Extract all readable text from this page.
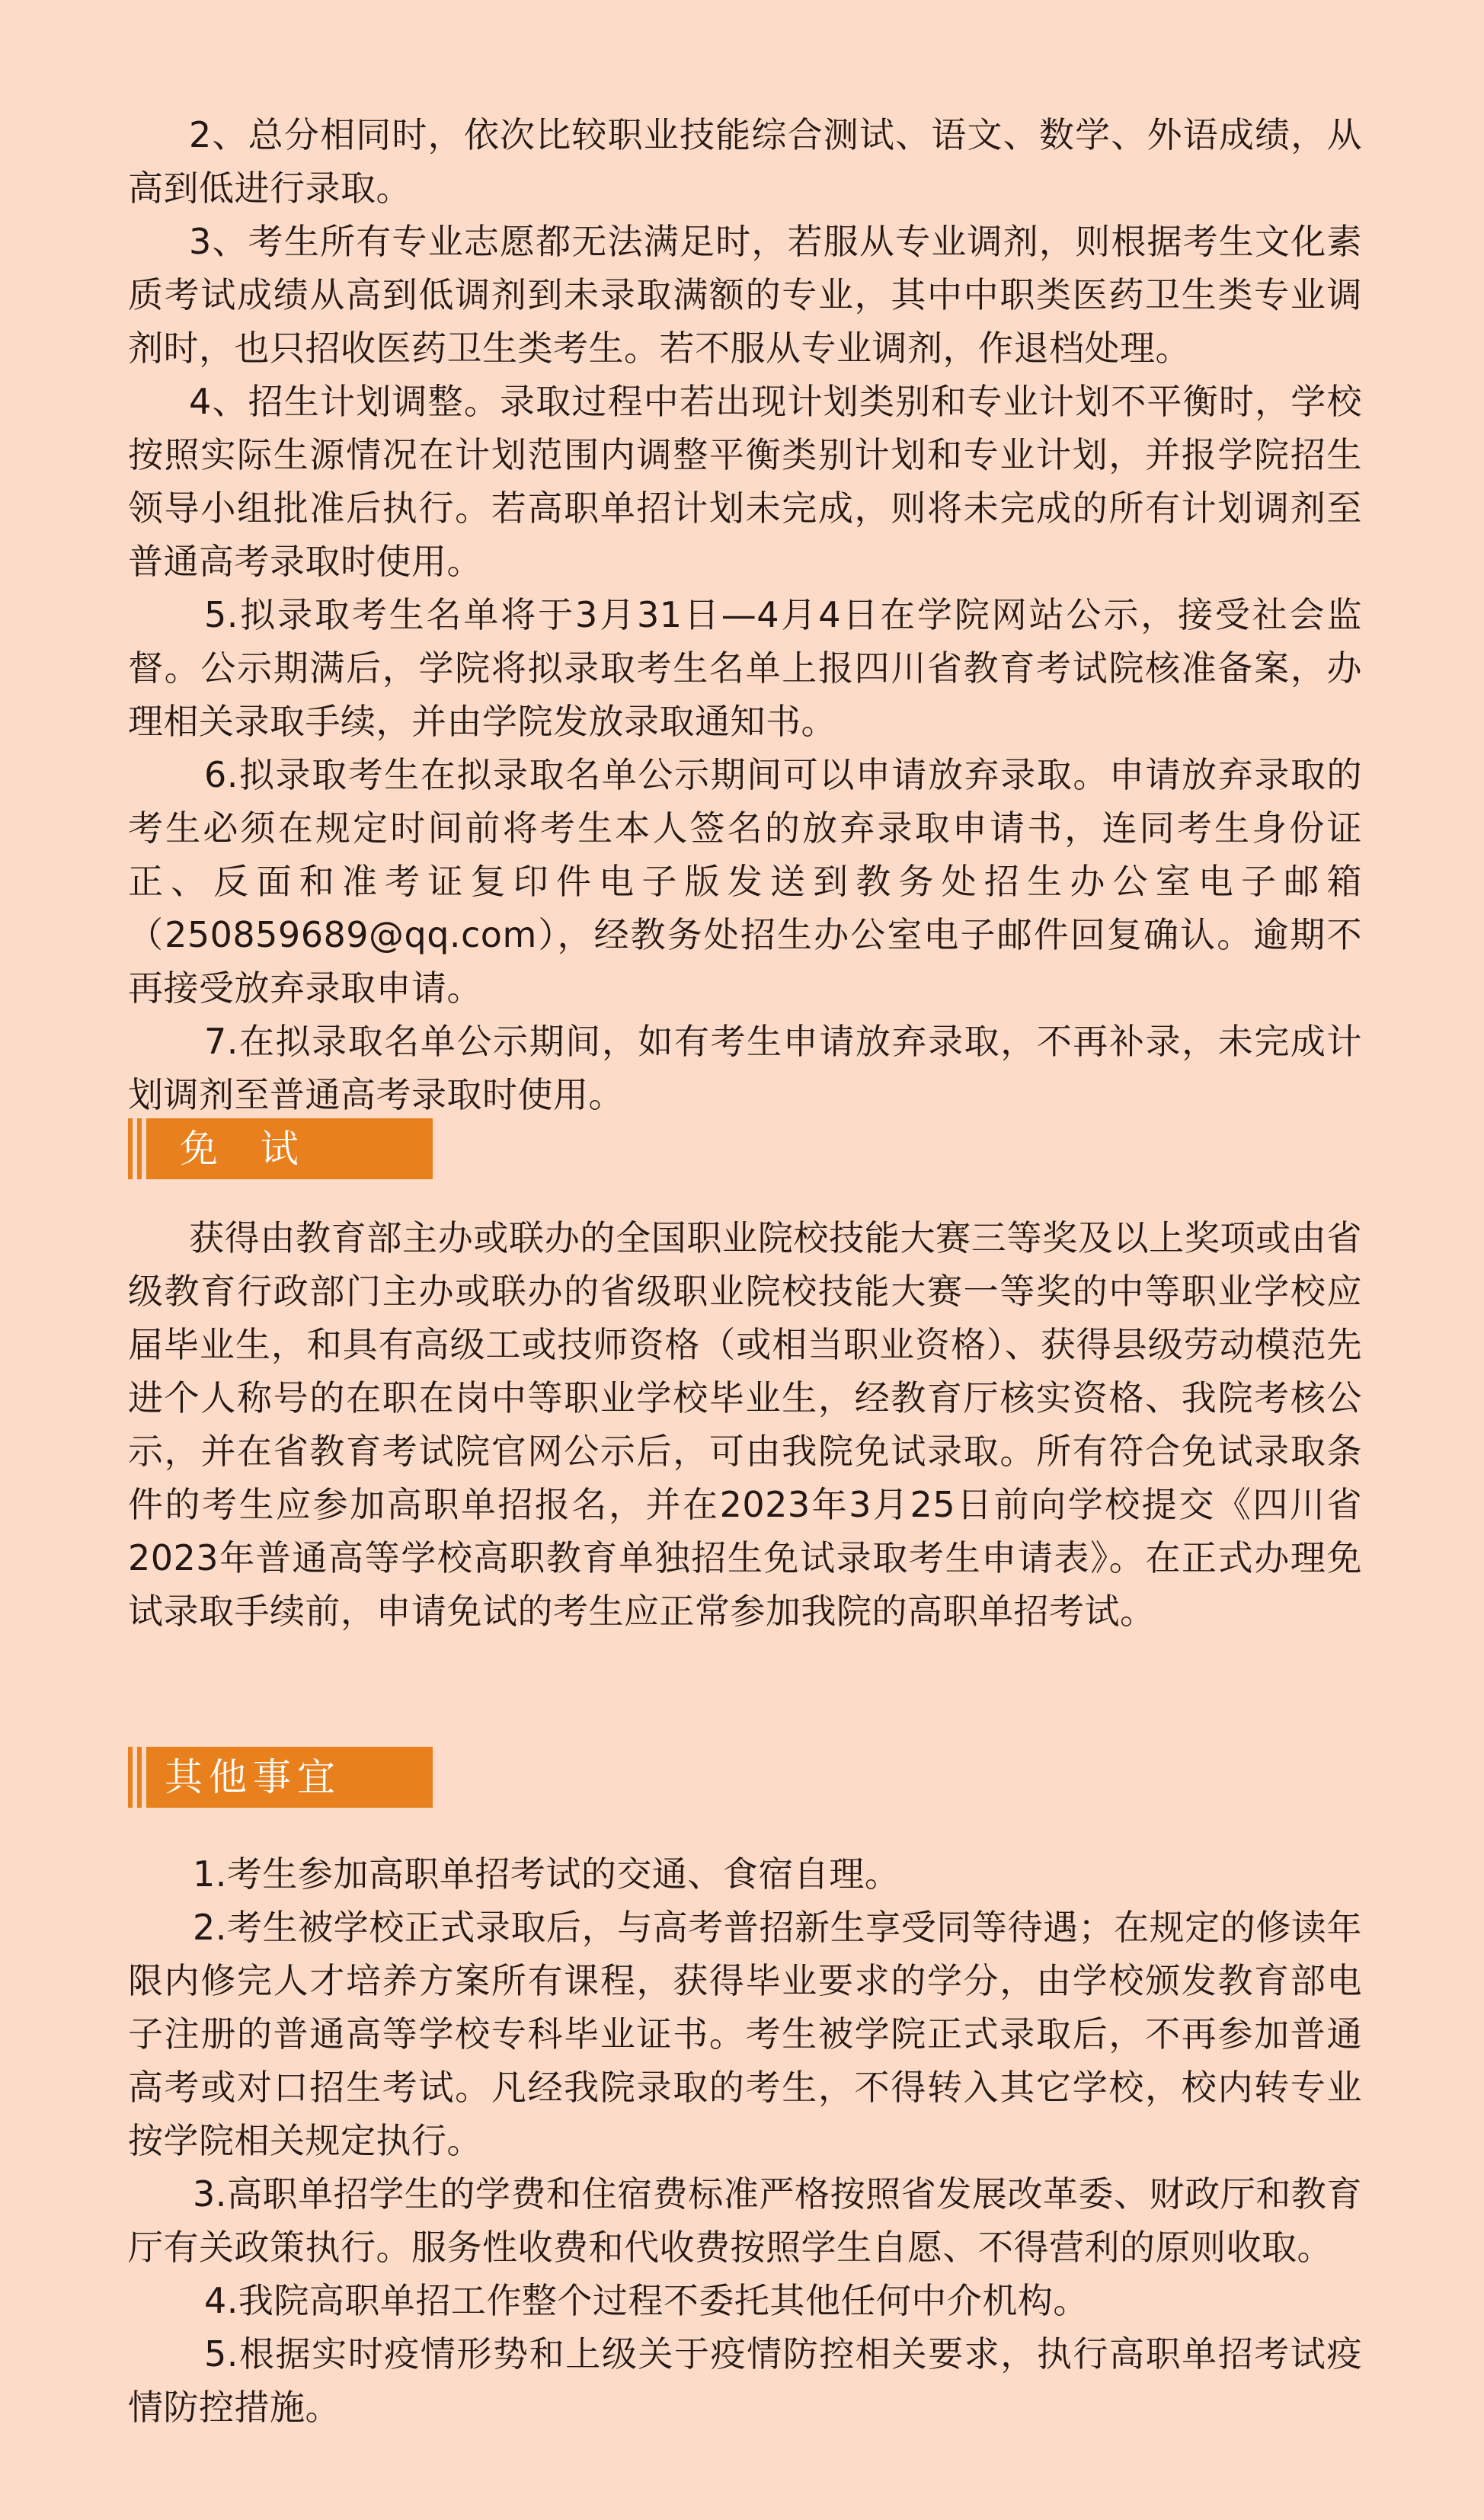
2、总分相同时，依次比较职业技能综合测试、语文、数学、外语成绩，从高到低进行录取。

3、考生所有专业志愿都无法满足时，若服从专业调剂，则根据考生文化素质考试成绩从高到低调剂到未录取满额的专业，其中中职类医药卫生类专业调剂时，也只招收医药卫生类考生。若不服从专业调剂，作退档处理。

4、招生计划调整。录取过程中若出现计划类别和专业计划不平衡时，学校按照实际生源情况在计划范围内调整平衡类别计划和专业计划，并报学院招生领导小组批准后执行。若高职单招计划未完成，则将未完成的所有计划调剂至普通高考录取时使用。

5.拟录取考生名单将于3月31日—4月4日在学院网站公示，接受社会监督。公示期满后，学院将拟录取考生名单上报四川省教育考试院核准备案，办理相关录取手续，并由学院发放录取通知书。

6.拟录取考生在拟录取名单公示期间可以申请放弃录取。申请放弃录取的考生必须在规定时间前将考生本人签名的放弃录取申请书，连同考生身份证正、反面和准考证复印件电子版发送到教务处招生办公室电子邮箱（250859689@qq.com），经教务处招生办公室电子邮件回复确认。逾期不再接受放弃录取申请。

7.在拟录取名单公示期间，如有考生申请放弃录取，不再补录，未完成计划调剂至普通高考录取时使用。

免  试

获得由教育部主办或联办的全国职业院校技能大赛三等奖及以上奖项或由省级教育行政部门主办或联办的省级职业院校技能大赛一等奖的中等职业学校应届毕业生，和具有高级工或技师资格（或相当职业资格）、获得县级劳动模范先进个人称号的在职在岗中等职业学校毕业生，经教育厅核实资格、我院考核公示，并在省教育考试院官网公示后，可由我院免试录取。所有符合免试录取条件的考生应参加高职单招报名，并在2023年3月25日前向学校提交《四川省2023年普通高等学校高职教育单独招生免试录取考生申请表》。在正式办理免试录取手续前，申请免试的考生应正常参加我院的高职单招考试。

其他事宜

1.考生参加高职单招考试的交通、食宿自理。

2.考生被学校正式录取后，与高考普招新生享受同等待遇；在规定的修读年限内修完人才培养方案所有课程，获得毕业要求的学分，由学校颁发教育部电子注册的普通高等学校专科毕业证书。考生被学院正式录取后，不再参加普通高考或对口招生考试。凡经我院录取的考生，不得转入其它学校，校内转专业按学院相关规定执行。

3.高职单招学生的学费和住宿费标准严格按照省发展改革委、财政厅和教育厅有关政策执行。服务性收费和代收费按照学生自愿、不得营利的原则收取。

4.我院高职单招工作整个过程不委托其他任何中介机构。

5.根据实时疫情形势和上级关于疫情防控相关要求，执行高职单招考试疫情防控措施。
